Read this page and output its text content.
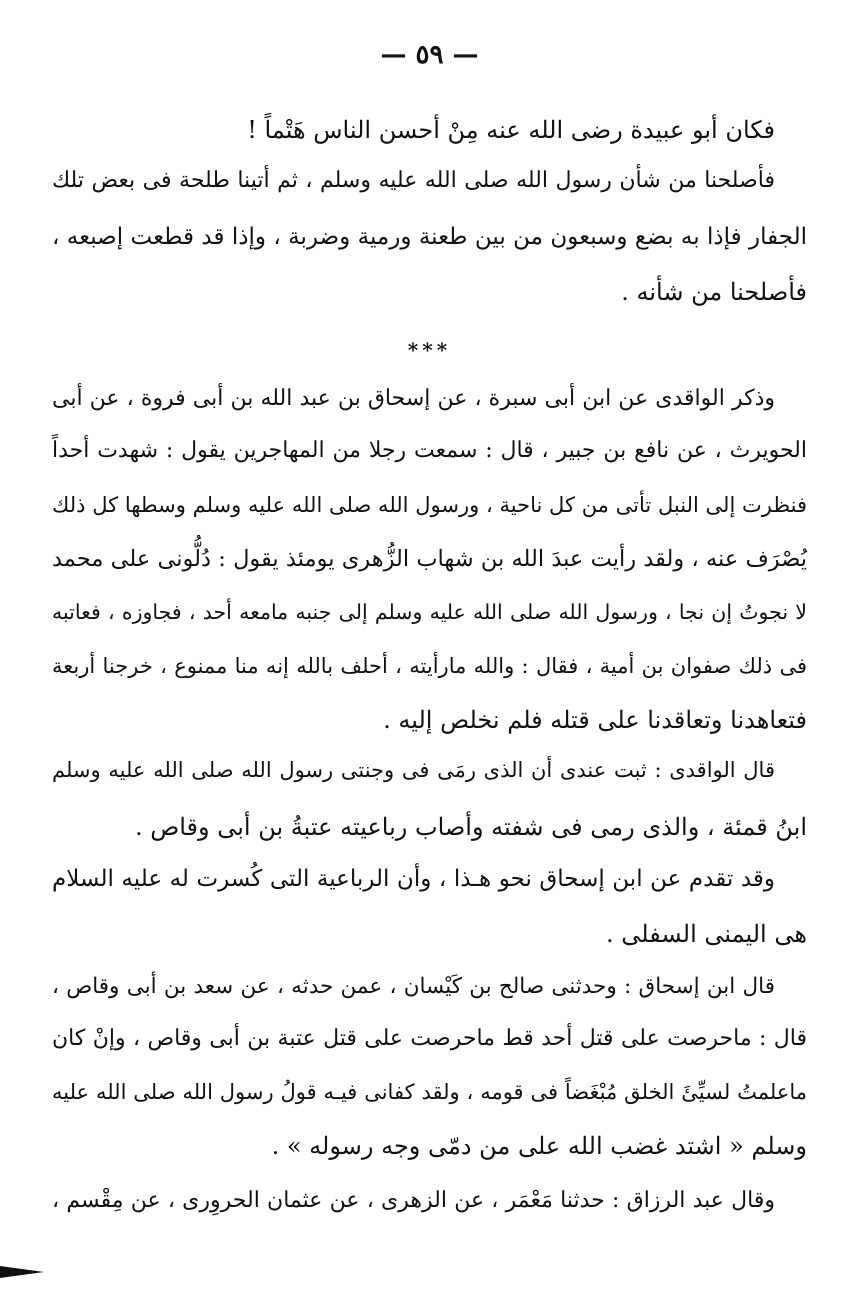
— ٥٩ —
فكان أبو عبيدة رضى الله عنه مِنْ أحسن الناس هَتْماً !
فأصلحنا من شأن رسول الله صلى الله عليه وسلم ، ثم أتينا طلحة فى بعض تلك
الجفار فإذا به بضع وسبعون من بين طعنة ورمية وضربة ، وإذا قد قطعت إصبعه ،
فأصلحنا من شأنه .
***
وذكر الواقدى عن ابن أبى سبرة ، عن إسحاق بن عبد الله بن أبى فروة ، عن أبى
الحويرث ، عن نافع بن جبير ، قال : سمعت رجلا من المهاجرين يقول : شهدت أحداً
فنظرت إلى النبل تأتى من كل ناحية ، ورسول الله صلى الله عليه وسلم وسطها كل ذلك
يُصْرَف عنه ، ولقد رأيت عبدَ الله بن شهاب الزُّهرى يومئذ يقول : دُلُّونى على محمد
لا نجوتُ إن نجا ، ورسول الله صلى الله عليه وسلم إلى جنبه مامعه أحد ، فجاوزه ، فعاتبه
فى ذلك صفوان بن أمية ، فقال : والله مارأيته ، أحلف بالله إنه منا ممنوع ، خرجنا أربعة
فتعاهدنا وتعاقدنا على قتله فلم نخلص إليه .
قال الواقدى : ثبت عندى أن الذى رمَى فى وجنتى رسول الله صلى الله عليه وسلم
ابنُ قمئة ، والذى رمى فى شفته وأصاب رباعيته عتبةُ بن أبى وقاص .
وقد تقدم عن ابن إسحاق نحو هـذا ، وأن الرباعية التى كُسرت له عليه السلام
هى اليمنى السفلى .
قال ابن إسحاق : وحدثنى صالح بن كَيْسان ، عمن حدثه ، عن سعد بن أبى وقاص ،
قال : ماحرصت على قتل أحد قط ماحرصت على قتل عتبة بن أبى وقاص ، وإنْ كان
ماعلمتُ لسيِّئَ الخلق مُبْغَضاً فى قومه ، ولقد كفانى فيـه قولُ رسول الله صلى الله عليه
وسلم « اشتد غضب الله على من دمّى وجه رسوله » .
وقال عبد الرزاق : حدثنا مَعْمَر ، عن الزهرى ، عن عثمان الحروِرى ، عن مِقْسم ،
